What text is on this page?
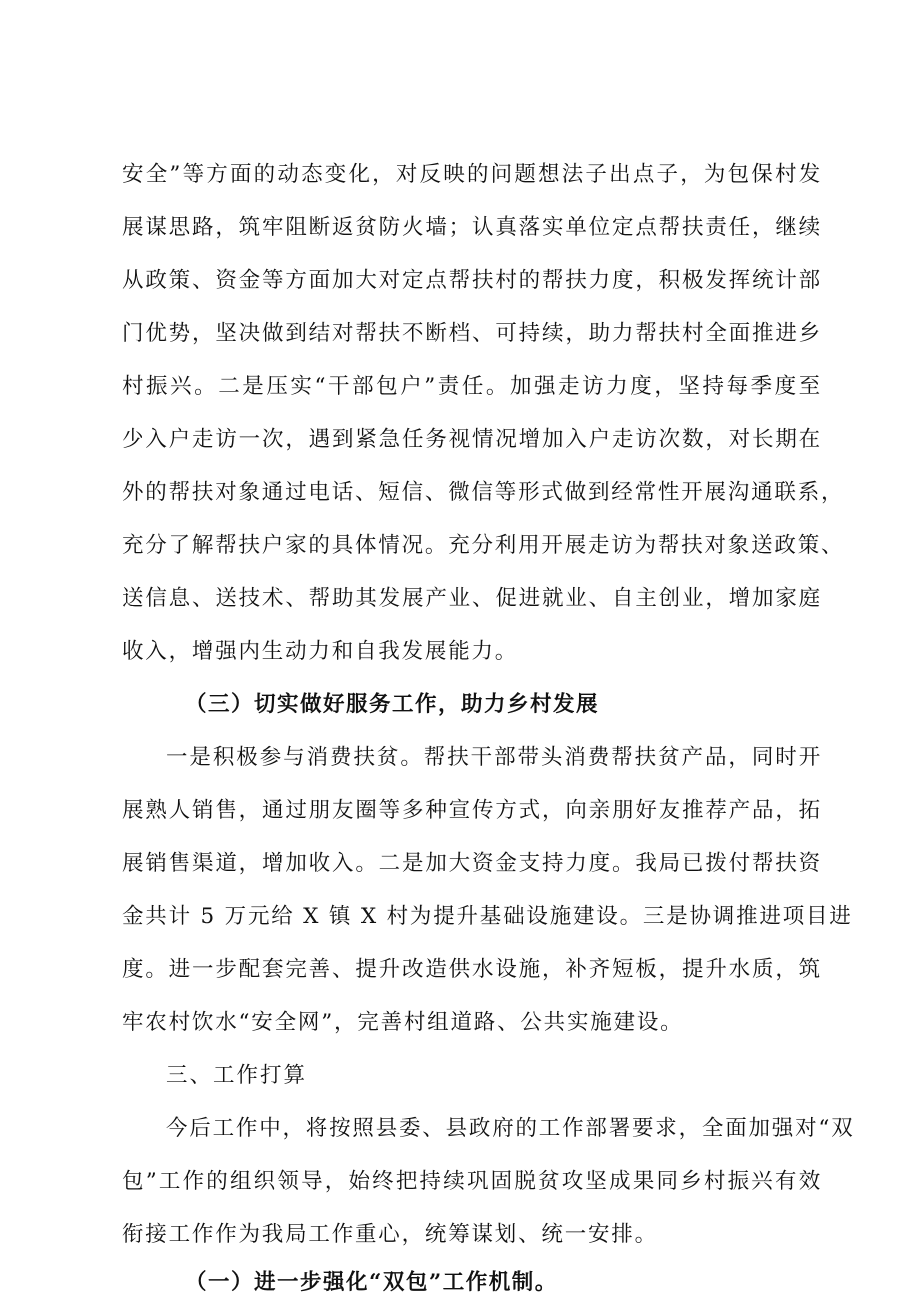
安全”等方面的动态变化，对反映的问题想法子出点子，为包保村发
展谋思路，筑牢阻断返贫防火墙；认真落实单位定点帮扶责任，继续
从政策、资金等方面加大对定点帮扶村的帮扶力度，积极发挥统计部
门优势，坚决做到结对帮扶不断档、可持续，助力帮扶村全面推进乡
村振兴。二是压实“干部包户”责任。加强走访力度，坚持每季度至
少入户走访一次，遇到紧急任务视情况增加入户走访次数，对长期在
外的帮扶对象通过电话、短信、微信等形式做到经常性开展沟通联系，
充分了解帮扶户家的具体情况。充分利用开展走访为帮扶对象送政策、
送信息、送技术、帮助其发展产业、促进就业、自主创业，增加家庭
收入，增强内生动力和自我发展能力。
（三）切实做好服务工作，助力乡村发展
一是积极参与消费扶贫。帮扶干部带头消费帮扶贫产品，同时开
展熟人销售，通过朋友圈等多种宣传方式，向亲朋好友推荐产品，拓
展销售渠道，增加收入。二是加大资金支持力度。我局已拨付帮扶资
金共计 5 万元给 X 镇 X 村为提升基础设施建设。三是协调推进项目进
度。进一步配套完善、提升改造供水设施，补齐短板，提升水质，筑
牢农村饮水“安全网”，完善村组道路、公共实施建设。
三、工作打算
今后工作中，将按照县委、县政府的工作部署要求，全面加强对“双
包”工作的组织领导，始终把持续巩固脱贫攻坚成果同乡村振兴有效
衔接工作作为我局工作重心，统筹谋划、统一安排。
（一）进一步强化“双包”工作机制。
